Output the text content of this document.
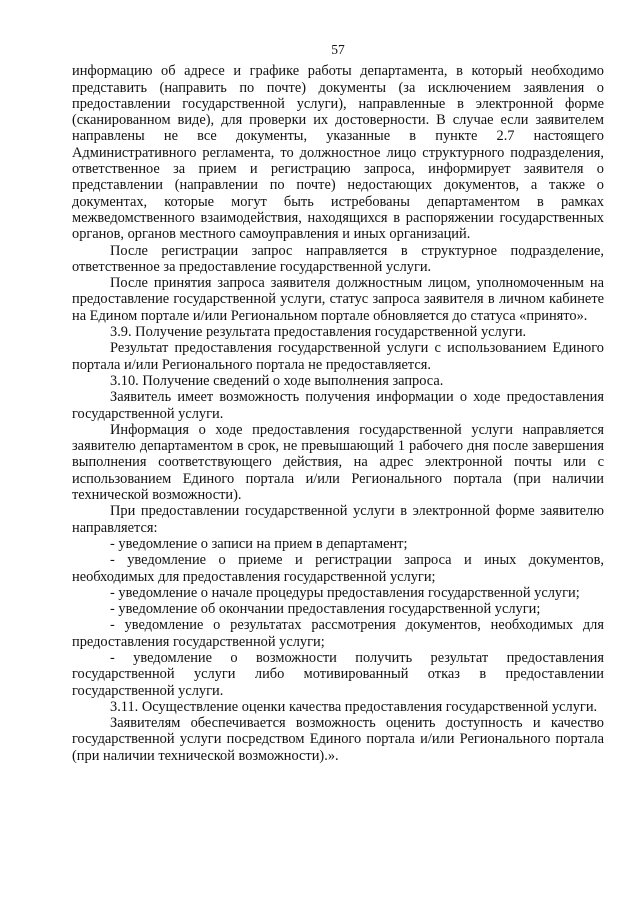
57

информацию об адресе и графике работы департамента, в который необходимо представить (направить по почте) документы (за исключением заявления о предоставлении государственной услуги), направленные в электронной форме (сканированном виде), для проверки их достоверности. В случае если заявителем направлены не все документы, указанные в пункте 2.7 настоящего Административного регламента, то должностное лицо структурного подразделения, ответственное за прием и регистрацию запроса, информирует заявителя о представлении (направлении по почте) недостающих документов, а также о документах, которые могут быть истребованы департаментом в рамках межведомственного взаимодействия, находящихся в распоряжении государственных органов, органов местного самоуправления и иных организаций.

После регистрации запрос направляется в структурное подразделение, ответственное за предоставление государственной услуги.

После принятия запроса заявителя должностным лицом, уполномоченным на предоставление государственной услуги, статус запроса заявителя в личном кабинете на Едином портале и/или Региональном портале обновляется до статуса «принято».

3.9. Получение результата предоставления государственной услуги.

Результат предоставления государственной услуги с использованием Единого портала и/или Регионального портала не предоставляется.

3.10. Получение сведений о ходе выполнения запроса.

Заявитель имеет возможность получения информации о ходе предоставления государственной услуги.

Информация о ходе предоставления государственной услуги направляется заявителю департаментом в срок, не превышающий 1 рабочего дня после завершения выполнения соответствующего действия, на адрес электронной почты или с использованием Единого портала и/или Регионального портала (при наличии технической возможности).

При предоставлении государственной услуги в электронной форме заявителю направляется:

- уведомление о записи на прием в департамент;

- уведомление о приеме и регистрации запроса и иных документов, необходимых для предоставления государственной услуги;

- уведомление о начале процедуры предоставления государственной услуги;

- уведомление об окончании предоставления государственной услуги;

- уведомление о результатах рассмотрения документов, необходимых для предоставления государственной услуги;

- уведомление о возможности получить результат предоставления государственной услуги либо мотивированный отказ в предоставлении государственной услуги.

3.11. Осуществление оценки качества предоставления государственной услуги.

Заявителям обеспечивается возможность оценить доступность и качество государственной услуги посредством Единого портала и/или Регионального портала (при наличии технической возможности).».
